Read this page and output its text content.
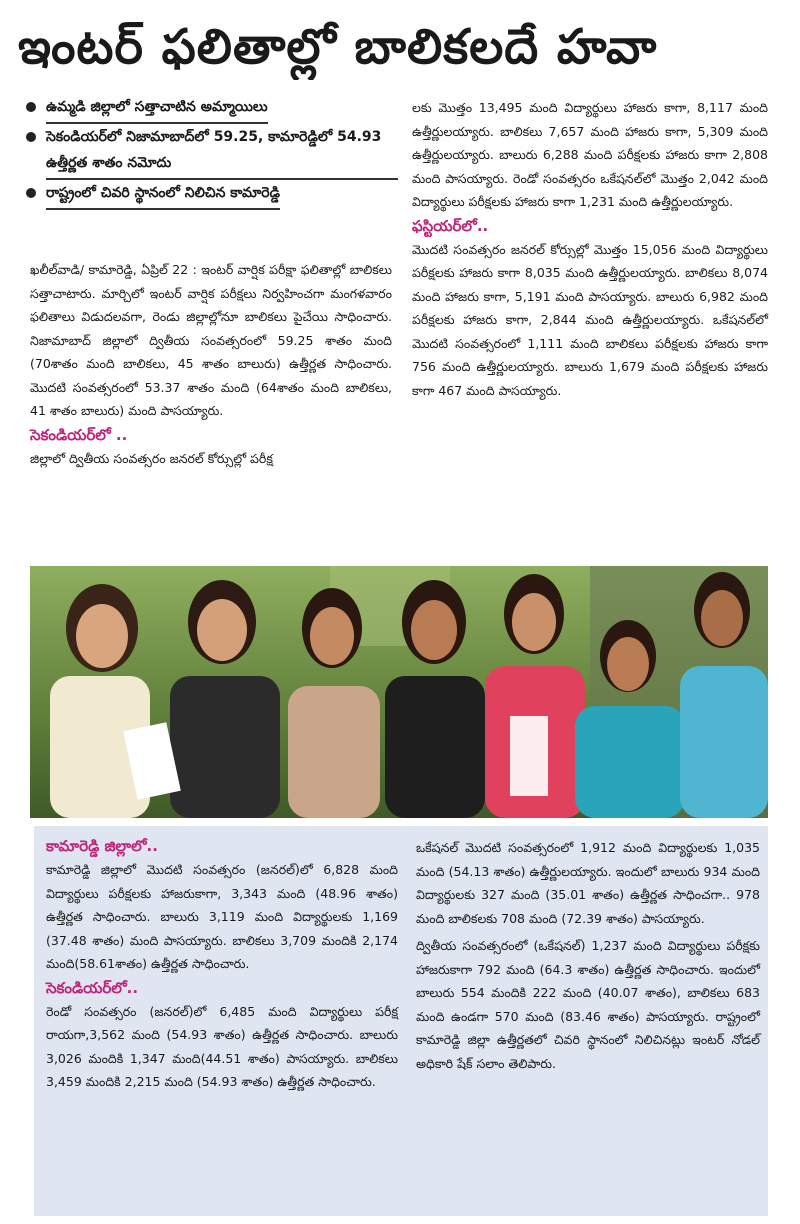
ఇంటర్ ఫలితాల్లో బాలికలదే హవా
ఉమ్మడి జిల్లాలో సత్తాచాటిన అమ్మాయిలు
సెకండియర్‌లో నిజామాబాద్‌లో 59.25, కామారెడ్డిలో 54.93 ఉత్తీర్ణత శాతం నమోదు
రాష్ట్రంలో చివరి స్థానంలో నిలిచిన కామారెడ్డి

ఖలీల్‌వాడి/ కామారెడ్డి, ఏప్రిల్ 22 : ఇంటర్ వార్షిక పరీక్షా ఫలితాల్లో బాలికలు సత్తాచాటారు. మార్చిలో ఇంటర్ వార్షిక పరీక్షలు నిర్వహించగా మంగళవారం ఫలితాలు విడుదలవగా, రెండు జిల్లాల్లోనూ బాలికలు పైచేయి సాధించారు. నిజామాబాద్ జిల్లాలో ద్వితీయ సంవత్సరంలో 59.25 శాతం మంది (70శాతం మంది బాలికలు, 45 శాతం బాలురు) ఉత్తీర్ణత సాధించారు. మొదటి సంవత్సరంలో 53.37 శాతం మంది (64శాతం మంది బాలికలు, 41 శాతం బాలురు) మంది పాసయ్యారు.

సెకండియర్‌లో ..

జిల్లాలో ద్వితీయ సంవత్సరం జనరల్ కోర్సుల్లో పరీక్ష

లకు మొత్తం 13,495 మంది విద్యార్థులు హాజరు కాగా, 8,117 మంది ఉత్తీర్ణులయ్యారు. బాలికలు 7,657 మంది హాజరు కాగా, 5,309 మంది ఉత్తీర్ణులయ్యారు. బాలురు 6,288 మంది పరీక్షలకు హాజరు కాగా 2,808 మంది పాసయ్యారు. రెండో సంవత్సరం ఒకేషనల్‌లో మొత్తం 2,042 మంది విద్యార్థులు పరీక్షలకు హాజరు కాగా 1,231 మంది ఉత్తీర్ణులయ్యారు.

ఫస్టియర్‌లో..

మొదటి సంవత్సరం జనరల్ కోర్సుల్లో మొత్తం 15,056 మంది విద్యార్థులు పరీక్షలకు హాజరు కాగా 8,035 మంది ఉత్తీర్ణులయ్యారు. బాలికలు 8,074 మంది హాజరు కాగా, 5,191 మంది పాసయ్యారు. బాలురు 6,982 మంది పరీక్షలకు హాజరు కాగా, 2,844 మంది ఉత్తీర్ణులయ్యారు. ఒకేషనల్‌లో మొదటి సంవత్సరంలో 1,111 మంది బాలికలు పరీక్షలకు హాజరు కాగా 756 మంది ఉత్తీర్ణులయ్యారు. బాలురు 1,679 మంది పరీక్షలకు హాజరు కాగా 467 మంది పాసయ్యారు.

కామారెడ్డి జిల్లాలో..

కామారెడ్డి జిల్లాలో మొదటి సంవత్సరం (జనరల్)లో 6,828 మంది విద్యార్థులు పరీక్షలకు హాజరుకాగా, 3,343 మంది (48.96 శాతం) ఉత్తీర్ణత సాధించారు. బాలురు 3,119 మంది విద్యార్థులకు 1,169 (37.48 శాతం) మంది పాసయ్యారు. బాలికలు 3,709 మందికి 2,174 మంది(58.61శాతం) ఉత్తీర్ణత సాధించారు.

సెకండియర్‌లో..

రెండో సంవత్సరం (జనరల్)లో 6,485 మంది విద్యార్థులు పరీక్ష రాయగా,3,562 మంది (54.93 శాతం) ఉత్తీర్ణత సాధించారు. బాలురు 3,026 మందికి 1,347 మంది(44.51 శాతం) పాసయ్యారు. బాలికలు 3,459 మందికి 2,215 మంది (54.93 శాతం) ఉత్తీర్ణత సాధించారు.

ఒకేషనల్ మొదటి సంవత్సరంలో 1,912 మంది విద్యార్థులకు 1,035 మంది (54.13 శాతం) ఉత్తీర్ణులయ్యారు. ఇందులో బాలురు 934 మంది విద్యార్థులకు 327 మంది (35.01 శాతం) ఉత్తీర్ణత సాధించగా.. 978 మంది బాలికలకు 708 మంది (72.39 శాతం) పాసయ్యారు.

ద్వితీయ సంవత్సరంలో (ఒకేషనల్) 1,237 మంది విద్యార్థులు పరీక్షకు హాజరుకాగా 792 మంది (64.3 శాతం) ఉత్తీర్ణత సాధించారు. ఇందులో బాలురు 554 మందికి 222 మంది (40.07 శాతం), బాలికలు 683 మంది ఉండగా 570 మంది (83.46 శాతం) పాసయ్యారు. రాష్ట్రంలో కామారెడ్డి జిల్లా ఉత్తీర్ణతలో చివరి స్థానంలో నిలిచినట్లు ఇంటర్ నోడల్ అధికారి షేక్ సలాం తెలిపారు.
